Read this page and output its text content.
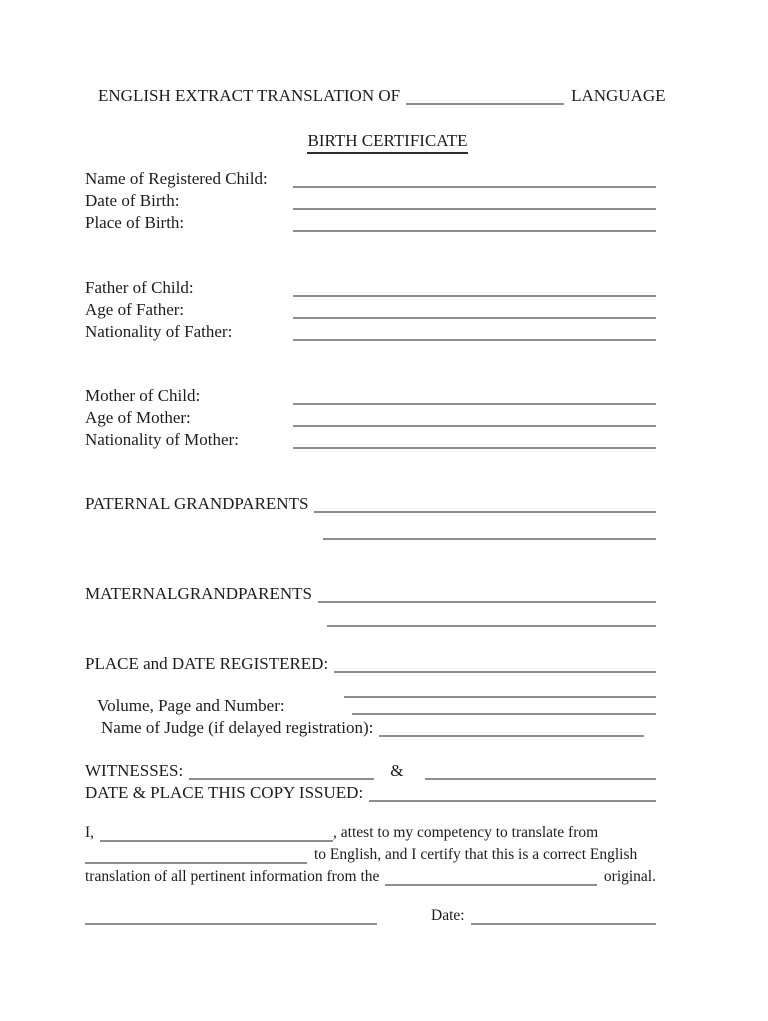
ENGLISH EXTRACT TRANSLATION OF	LANGUAGE
BIRTH CERTIFICATE
Name of Registered Child:
Date of Birth:
Place of Birth:
Father of Child:
Age of Father:
Nationality of Father:
Mother of Child:
Age of Mother:
Nationality of Mother:
PATERNAL GRANDPARENTS
MATERNALGRANDPARENTS
PLACE and DATE REGISTERED:
Volume, Page and Number:
Name of Judge (if delayed registration):
WITNESSES:	&
DATE & PLACE THIS COPY ISSUED:
I,	, attest to my competency to translate from
to English, and I certify that this is a correct English
translation of all pertinent information from the	original.
Date:
